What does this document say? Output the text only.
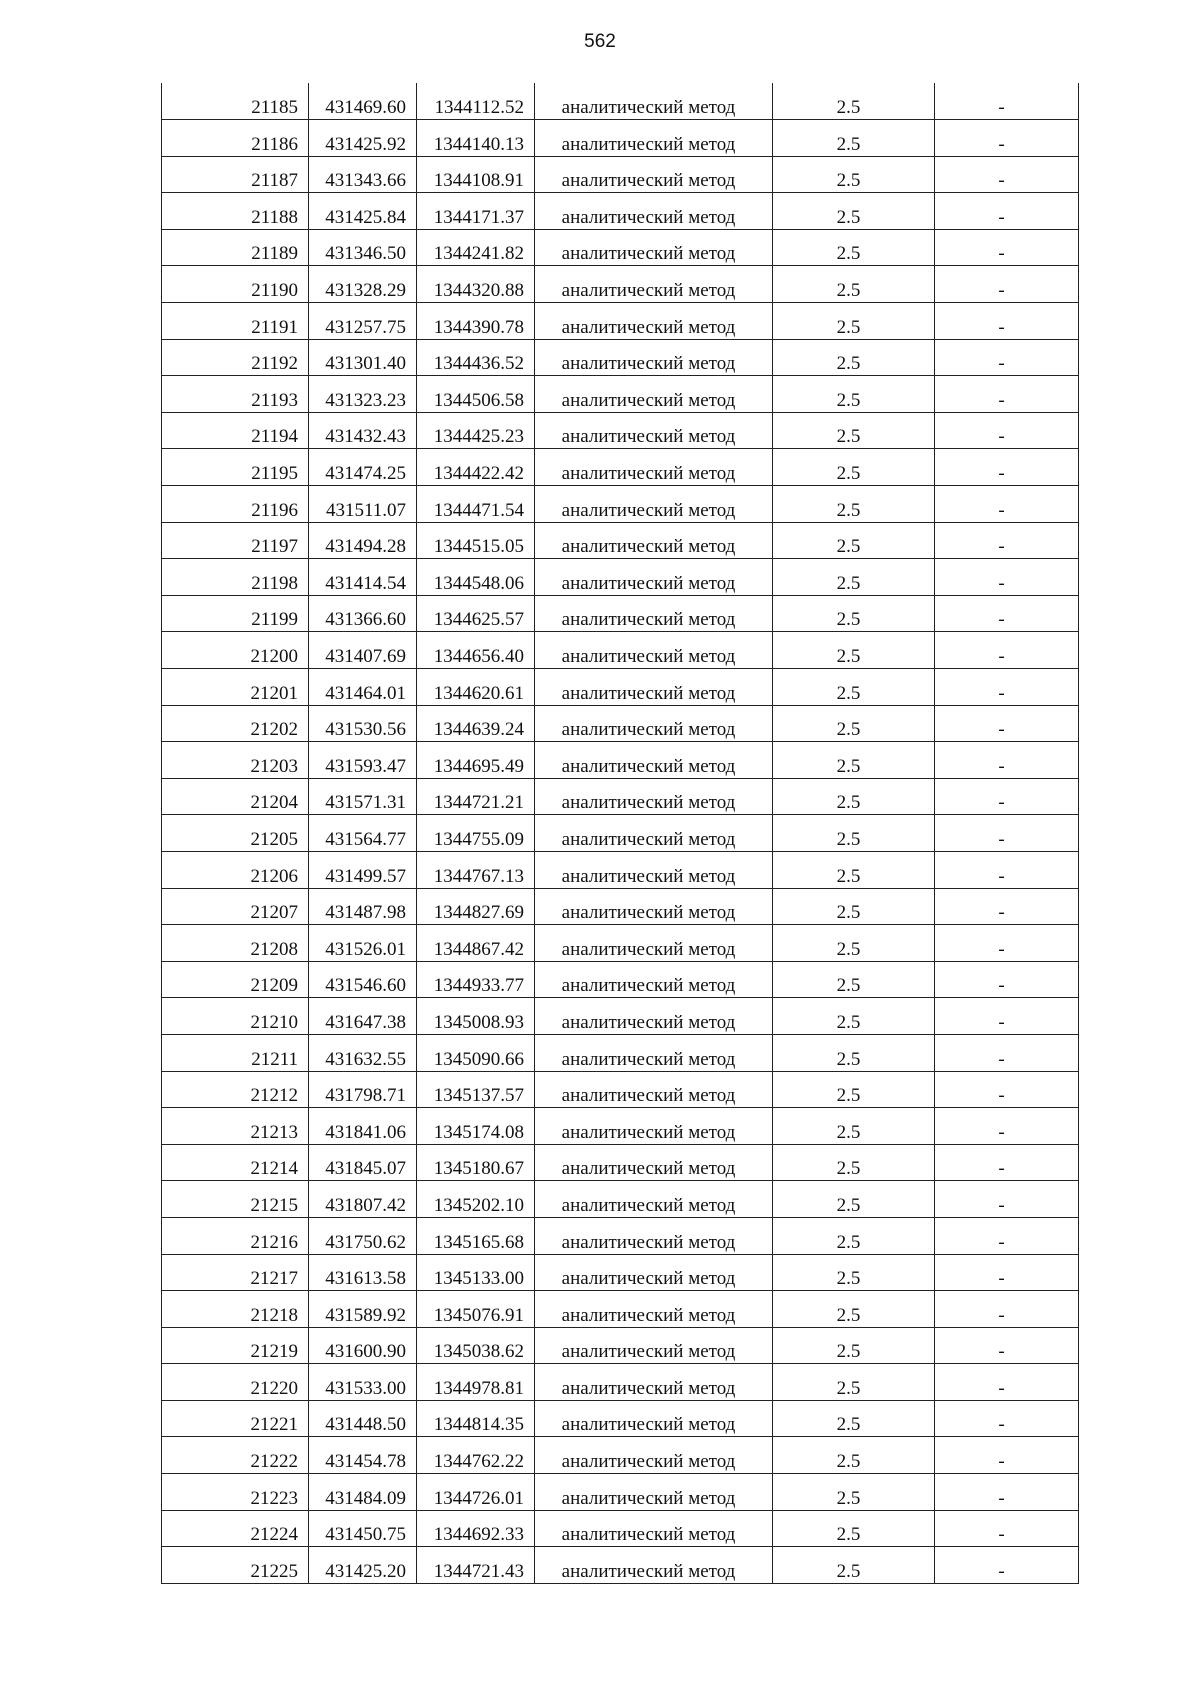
562
21185	431469.60	1344112.52	аналитический метод	2.5	-
21186	431425.92	1344140.13	аналитический метод	2.5	-
21187	431343.66	1344108.91	аналитический метод	2.5	-
21188	431425.84	1344171.37	аналитический метод	2.5	-
21189	431346.50	1344241.82	аналитический метод	2.5	-
21190	431328.29	1344320.88	аналитический метод	2.5	-
21191	431257.75	1344390.78	аналитический метод	2.5	-
21192	431301.40	1344436.52	аналитический метод	2.5	-
21193	431323.23	1344506.58	аналитический метод	2.5	-
21194	431432.43	1344425.23	аналитический метод	2.5	-
21195	431474.25	1344422.42	аналитический метод	2.5	-
21196	431511.07	1344471.54	аналитический метод	2.5	-
21197	431494.28	1344515.05	аналитический метод	2.5	-
21198	431414.54	1344548.06	аналитический метод	2.5	-
21199	431366.60	1344625.57	аналитический метод	2.5	-
21200	431407.69	1344656.40	аналитический метод	2.5	-
21201	431464.01	1344620.61	аналитический метод	2.5	-
21202	431530.56	1344639.24	аналитический метод	2.5	-
21203	431593.47	1344695.49	аналитический метод	2.5	-
21204	431571.31	1344721.21	аналитический метод	2.5	-
21205	431564.77	1344755.09	аналитический метод	2.5	-
21206	431499.57	1344767.13	аналитический метод	2.5	-
21207	431487.98	1344827.69	аналитический метод	2.5	-
21208	431526.01	1344867.42	аналитический метод	2.5	-
21209	431546.60	1344933.77	аналитический метод	2.5	-
21210	431647.38	1345008.93	аналитический метод	2.5	-
21211	431632.55	1345090.66	аналитический метод	2.5	-
21212	431798.71	1345137.57	аналитический метод	2.5	-
21213	431841.06	1345174.08	аналитический метод	2.5	-
21214	431845.07	1345180.67	аналитический метод	2.5	-
21215	431807.42	1345202.10	аналитический метод	2.5	-
21216	431750.62	1345165.68	аналитический метод	2.5	-
21217	431613.58	1345133.00	аналитический метод	2.5	-
21218	431589.92	1345076.91	аналитический метод	2.5	-
21219	431600.90	1345038.62	аналитический метод	2.5	-
21220	431533.00	1344978.81	аналитический метод	2.5	-
21221	431448.50	1344814.35	аналитический метод	2.5	-
21222	431454.78	1344762.22	аналитический метод	2.5	-
21223	431484.09	1344726.01	аналитический метод	2.5	-
21224	431450.75	1344692.33	аналитический метод	2.5	-
21225	431425.20	1344721.43	аналитический метод	2.5	-
